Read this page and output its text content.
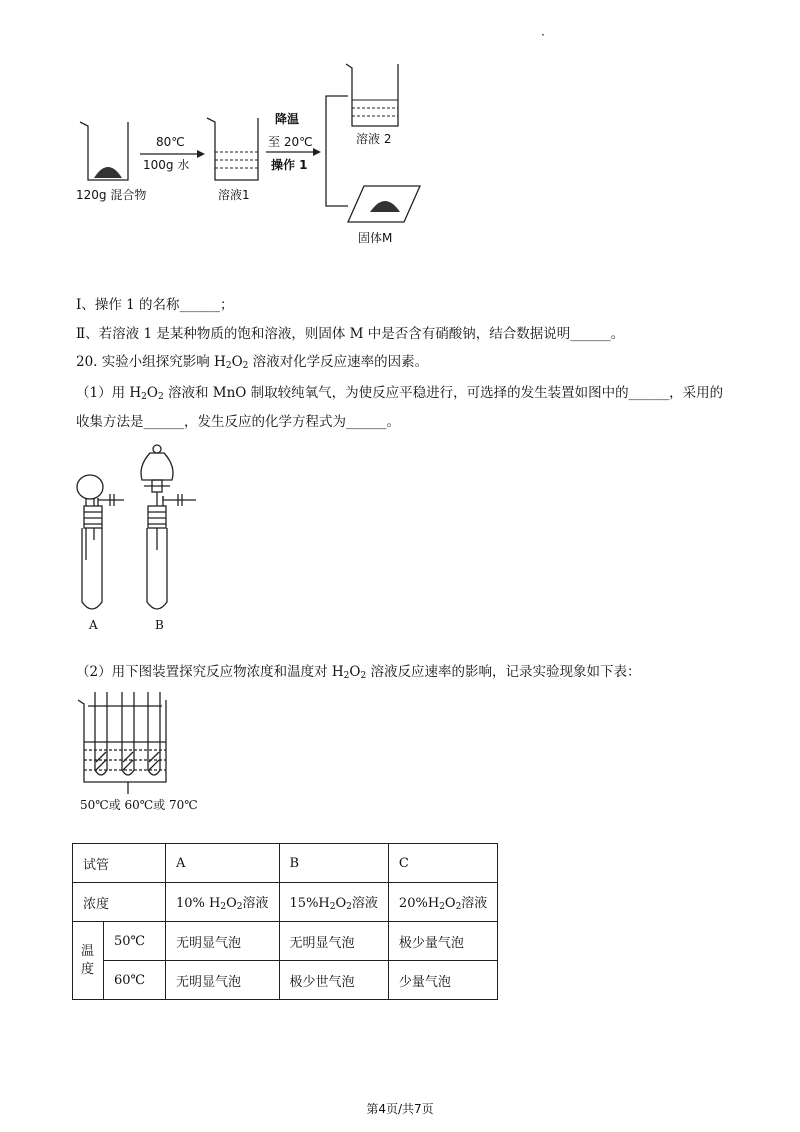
·
120g 混合物
80℃
100g 水
溶液1
降温
至 20℃
操作 1
溶液 2
固体M
Ⅰ、操作 1 的名称______；
Ⅱ、若溶液 1 是某种物质的饱和溶液，则固体 M 中是否含有硝酸钠，结合数据说明______。
20. 实验小组探究影响 $H_2O_2$ 溶液对化学反应速率的因素。
（1）用 $H_2O_2$ 溶液和 MnO 制取较纯氧气，为使反应平稳进行，可选择的发生装置如图中的______，采用的
收集方法是______，发生反应的化学方程式为______。
A	B
（2）用下图装置探究反应物浓度和温度对 $H_2O_2$ 溶液反应速率的影响，记录实验现象如下表：
50℃或 60℃或 70℃
试管		A	B	C
浓度		10% $H_2O_2$溶液	$15\%H_2O_2$溶液	$20\%H_2O_2$溶液
温度	50℃	无明显气泡	无明显气泡	极少量气泡
	60℃	无明显气泡	极少世气泡	少量气泡
第4页/共7页
